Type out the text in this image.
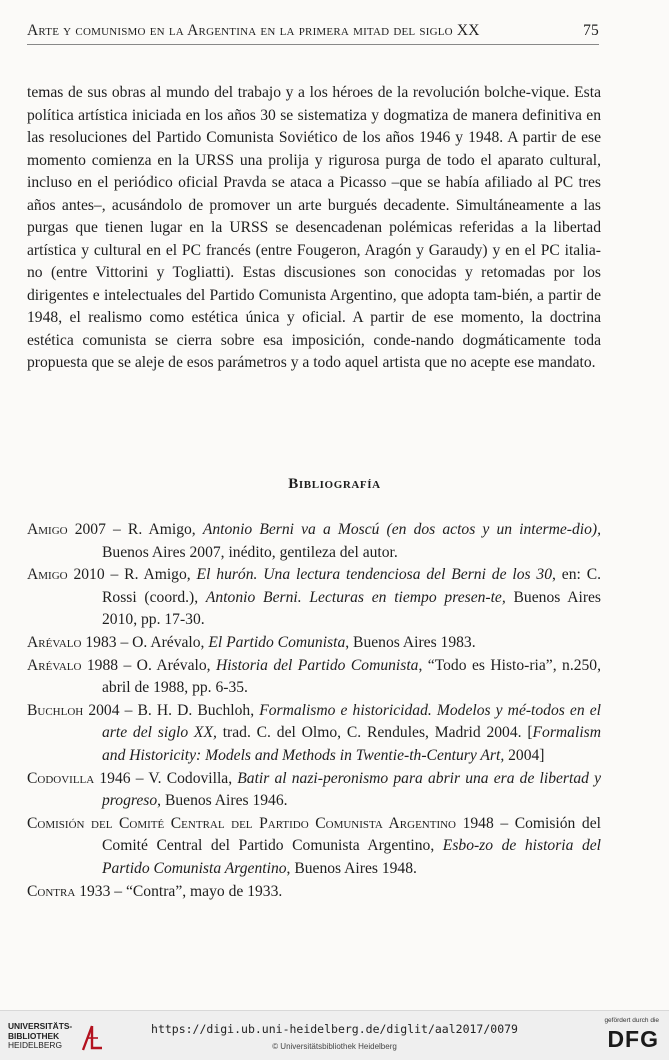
Arte y comunismo en la Argentina en la primera mitad del siglo XX	75

temas de sus obras al mundo del trabajo y a los héroes de la revolución bolche-vique. Esta política artística iniciada en los años 30 se sistematiza y dogmatiza de manera definitiva en las resoluciones del Partido Comunista Soviético de los años 1946 y 1948. A partir de ese momento comienza en la URSS una prolija y rigurosa purga de todo el aparato cultural, incluso en el periódico oficial Pravda se ataca a Picasso –que se había afiliado al PC tres años antes–, acusándolo de promover un arte burgués decadente. Simultáneamente a las purgas que tienen lugar en la URSS se desencadenan polémicas referidas a la libertad artística y cultural en el PC francés (entre Fougeron, Aragón y Garaudy) y en el PC italia-no (entre Vittorini y Togliatti). Estas discusiones son conocidas y retomadas por los dirigentes e intelectuales del Partido Comunista Argentino, que adopta tam-bién, a partir de 1948, el realismo como estética única y oficial. A partir de ese momento, la doctrina estética comunista se cierra sobre esa imposición, conde-nando dogmáticamente toda propuesta que se aleje de esos parámetros y a todo aquel artista que no acepte ese mandato.

Bibliografía
Amigo 2007 – R. Amigo, Antonio Berni va a Moscú (en dos actos y un interme-dio), Buenos Aires 2007, inédito, gentileza del autor.
Amigo 2010 – R. Amigo, El hurón. Una lectura tendenciosa del Berni de los 30, en: C. Rossi (coord.), Antonio Berni. Lecturas en tiempo presen-te, Buenos Aires 2010, pp. 17-30.
Arévalo 1983 – O. Arévalo, El Partido Comunista, Buenos Aires 1983.
Arévalo 1988 – O. Arévalo, Historia del Partido Comunista, “Todo es Histo-ria”, n.250, abril de 1988, pp. 6-35.
Buchloh 2004 – B. H. D. Buchloh, Formalismo e historicidad. Modelos y mé-todos en el arte del siglo XX, trad. C. del Olmo, C. Rendules, Madrid 2004. [Formalism and Historicity: Models and Methods in Twentie-th-Century Art, 2004]
Codovilla 1946 – V. Codovilla, Batir al nazi-peronismo para abrir una era de libertad y progreso, Buenos Aires 1946.
Comisión del Comité Central del Partido Comunista Argentino 1948 – Comisión del Comité Central del Partido Comunista Argentino, Esbo-zo de historia del Partido Comunista Argentino, Buenos Aires 1948.
Contra 1933 – “Contra”, mayo de 1933.
UNIVERSITÄTS-
BIBLIOTHEK
HEIDELBERG
https://digi.ub.uni-heidelberg.de/diglit/aal2017/0079
© Universitätsbibliothek Heidelberg
gefördert durch die
DFG
